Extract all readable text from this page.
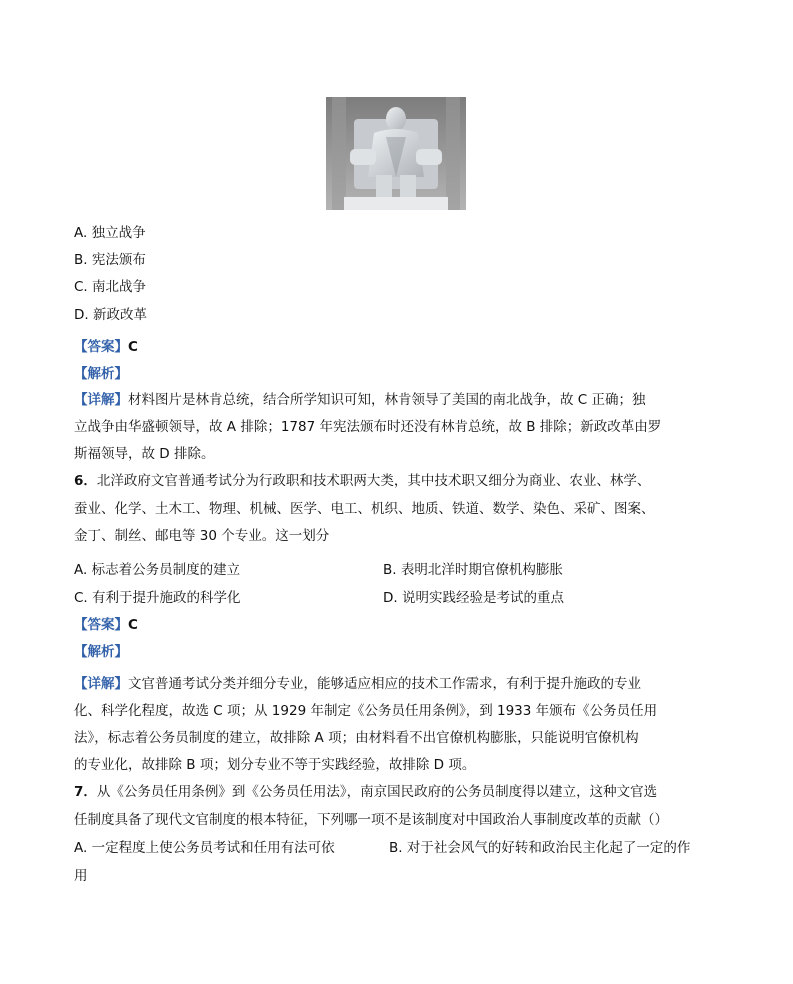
A. 独立战争
B. 宪法颁布
C. 南北战争
D. 新政改革
【答案】C
【解析】
【详解】材料图片是林肯总统，结合所学知识可知，林肯领导了美国的南北战争，故 C 正确；独
立战争由华盛顿领导，故 A 排除；1787 年宪法颁布时还没有林肯总统，故 B 排除；新政改革由罗
斯福领导，故 D 排除。
6．北洋政府文官普通考试分为行政职和技术职两大类，其中技术职又细分为商业、农业、林学、
蚕业、化学、土木工、物理、机械、医学、电工、机织、地质、铁道、数学、染色、采矿、图案、
金丁、制丝、邮电等 30 个专业。这一划分
A. 标志着公务员制度的建立	B. 表明北洋时期官僚机构膨胀
C. 有利于提升施政的科学化	D. 说明实践经验是考试的重点
【答案】C
【解析】
【详解】文官普通考试分类并细分专业，能够适应相应的技术工作需求，有利于提升施政的专业
化、科学化程度，故选 C 项；从 1929 年制定《公务员任用条例》，到 1933 年颁布《公务员任用
法》，标志着公务员制度的建立，故排除 A 项；由材料看不出官僚机构膨胀，只能说明官僚机构
的专业化，故排除 B 项；划分专业不等于实践经验，故排除 D 项。
7．从《公务员任用条例》到《公务员任用法》，南京国民政府的公务员制度得以建立，这种文官选
任制度具备了现代文官制度的根本特征，下列哪一项不是该制度对中国政治人事制度改革的贡献（）
A. 一定程度上使公务员考试和任用有法可依	B. 对于社会风气的好转和政治民主化起了一定的作
用
